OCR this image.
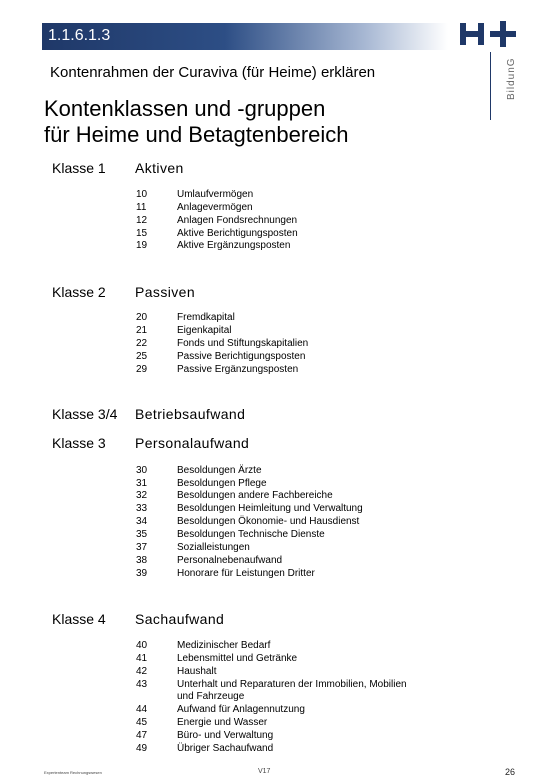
1.1.6.1.3
BildunG
Kontenrahmen der Curaviva (für Heime) erklären
Kontenklassen und -gruppen
für Heime und Betagtenbereich
Klasse 1 Aktiven
10	Umlaufvermögen
11	Anlagevermögen
12	Anlagen Fondsrechnungen
15	Aktive Berichtigungsposten
19	Aktive Ergänzungsposten
Klasse 2 Passiven
20	Fremdkapital
21	Eigenkapital
22	Fonds und Stiftungskapitalien
25	Passive Berichtigungsposten
29	Passive Ergänzungsposten
Klasse 3/4 Betriebsaufwand
Klasse 3 Personalaufwand
30	Besoldungen Ärzte
31	Besoldungen Pflege
32	Besoldungen andere Fachbereiche
33	Besoldungen Heimleitung und Verwaltung
34	Besoldungen Ökonomie- und Hausdienst
35	Besoldungen Technische Dienste
37	Sozialleistungen
38	Personalnebenaufwand
39	Honorare für Leistungen Dritter
Klasse 4 Sachaufwand
40	Medizinischer Bedarf
41	Lebensmittel und Getränke
42	Haushalt
43	Unterhalt und Reparaturen der Immobilien, Mobilien
und Fahrzeuge
44	Aufwand für Anlagennutzung
45	Energie und Wasser
47	Büro- und Verwaltung
49	Übriger Sachaufwand
Expertenteam Rechnungswesen	V17	26
